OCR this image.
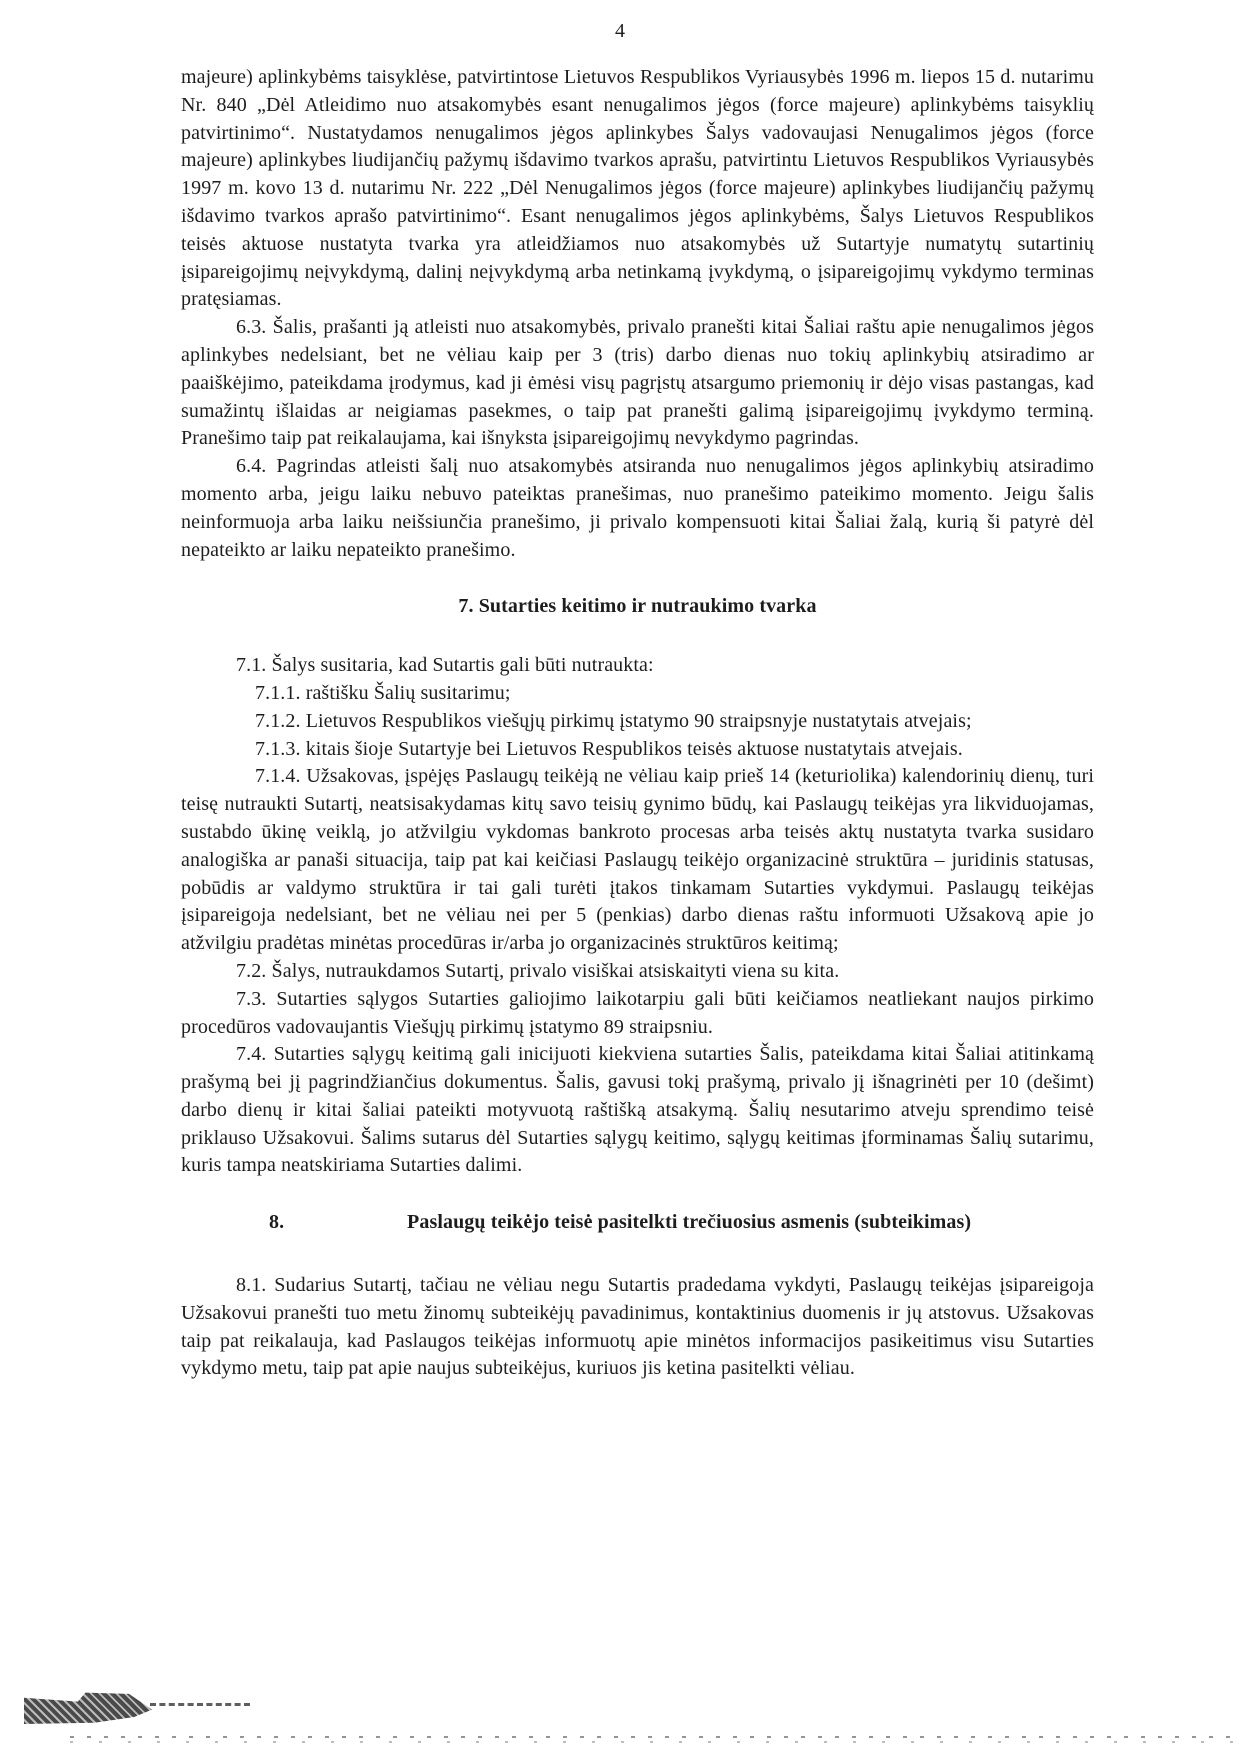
4

majeure) aplinkybėms taisyklėse, patvirtintose Lietuvos Respublikos Vyriausybės 1996 m. liepos 15 d. nutarimu Nr. 840 „Dėl Atleidimo nuo atsakomybės esant nenugalimos jėgos (force majeure) aplinkybėms taisyklių patvirtinimo“. Nustatydamos nenugalimos jėgos aplinkybes Šalys vadovaujasi Nenugalimos jėgos (force majeure) aplinkybes liudijančių pažymų išdavimo tvarkos aprašu, patvirtintu Lietuvos Respublikos Vyriausybės 1997 m. kovo 13 d. nutarimu Nr. 222 „Dėl Nenugalimos jėgos (force majeure) aplinkybes liudijančių pažymų išdavimo tvarkos aprašo patvirtinimo“. Esant nenugalimos jėgos aplinkybėms, Šalys Lietuvos Respublikos teisės aktuose nustatyta tvarka yra atleidžiamos nuo atsakomybės už Sutartyje numatytų sutartinių įsipareigojimų neįvykdymą, dalinį neįvykdymą arba netinkamą įvykdymą, o įsipareigojimų vykdymo terminas pratęsiamas.

6.3. Šalis, prašanti ją atleisti nuo atsakomybės, privalo pranešti kitai Šaliai raštu apie nenugalimos jėgos aplinkybes nedelsiant, bet ne vėliau kaip per 3 (tris) darbo dienas nuo tokių aplinkybių atsiradimo ar paaiškėjimo, pateikdama įrodymus, kad ji ėmėsi visų pagrįstų atsargumo priemonių ir dėjo visas pastangas, kad sumažintų išlaidas ar neigiamas pasekmes, o taip pat pranešti galimą įsipareigojimų įvykdymo terminą. Pranešimo taip pat reikalaujama, kai išnyksta įsipareigojimų nevykdymo pagrindas.

6.4. Pagrindas atleisti šalį nuo atsakomybės atsiranda nuo nenugalimos jėgos aplinkybių atsiradimo momento arba, jeigu laiku nebuvo pateiktas pranešimas, nuo pranešimo pateikimo momento. Jeigu šalis neinformuoja arba laiku neišsiunčia pranešimo, ji privalo kompensuoti kitai Šaliai žalą, kurią ši patyrė dėl nepateikto ar laiku nepateikto pranešimo.

7. Sutarties keitimo ir nutraukimo tvarka

7.1. Šalys susitaria, kad Sutartis gali būti nutraukta:

7.1.1. raštišku Šalių susitarimu;

7.1.2. Lietuvos Respublikos viešųjų pirkimų įstatymo 90 straipsnyje nustatytais atvejais;

7.1.3. kitais šioje Sutartyje bei Lietuvos Respublikos teisės aktuose nustatytais atvejais.

7.1.4. Užsakovas, įspėjęs Paslaugų teikėją ne vėliau kaip prieš 14 (keturiolika) kalendorinių dienų, turi teisę nutraukti Sutartį, neatsisakydamas kitų savo teisių gynimo būdų, kai Paslaugų teikėjas yra likviduojamas, sustabdo ūkinę veiklą, jo atžvilgiu vykdomas bankroto procesas arba teisės aktų nustatyta tvarka susidaro analogiška ar panaši situacija, taip pat kai keičiasi Paslaugų teikėjo organizacinė struktūra – juridinis statusas, pobūdis ar valdymo struktūra ir tai gali turėti įtakos tinkamam Sutarties vykdymui. Paslaugų teikėjas įsipareigoja nedelsiant, bet ne vėliau nei per 5 (penkias) darbo dienas raštu informuoti Užsakovą apie jo atžvilgiu pradėtas minėtas procedūras ir/arba jo organizacinės struktūros keitimą;

7.2. Šalys, nutraukdamos Sutartį, privalo visiškai atsiskaityti viena su kita.

7.3. Sutarties sąlygos Sutarties galiojimo laikotarpiu gali būti keičiamos neatliekant naujos pirkimo procedūros vadovaujantis Viešųjų pirkimų įstatymo 89 straipsniu.

7.4. Sutarties sąlygų keitimą gali inicijuoti kiekviena sutarties Šalis, pateikdama kitai Šaliai atitinkamą prašymą bei jį pagrindžiančius dokumentus. Šalis, gavusi tokį prašymą, privalo jį išnagrinėti per 10 (dešimt) darbo dienų ir kitai šaliai pateikti motyvuotą raštišką atsakymą. Šalių nesutarimo atveju sprendimo teisė priklauso Užsakovui. Šalims sutarus dėl Sutarties sąlygų keitimo, sąlygų keitimas įforminamas Šalių sutarimu, kuris tampa neatskiriama Sutarties dalimi.

8.	Paslaugų teikėjo teisė pasitelkti trečiuosius asmenis (subteikimas)

8.1. Sudarius Sutartį, tačiau ne vėliau negu Sutartis pradedama vykdyti, Paslaugų teikėjas įsipareigoja Užsakovui pranešti tuo metu žinomų subteikėjų pavadinimus, kontaktinius duomenis ir jų atstovus. Užsakovas taip pat reikalauja, kad Paslaugos teikėjas informuotų apie minėtos informacijos pasikeitimus visu Sutarties vykdymo metu, taip pat apie naujus subteikėjus, kuriuos jis ketina pasitelkti vėliau.
